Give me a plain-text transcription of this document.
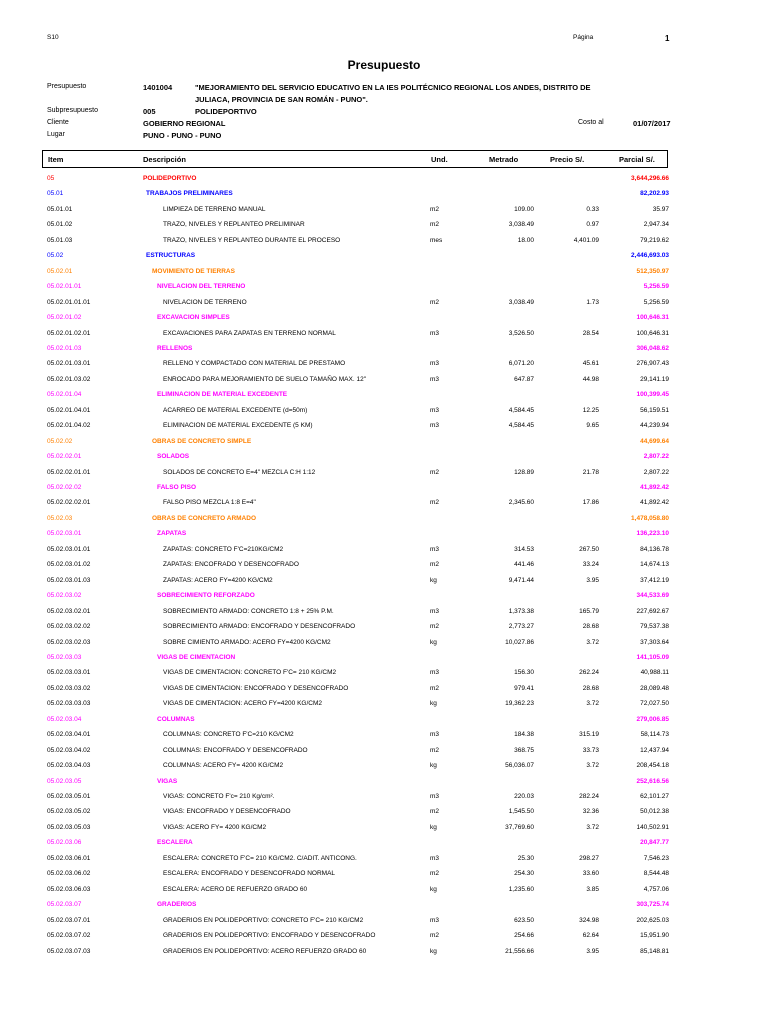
S10	Página	1
Presupuesto
Presupuesto	1401004	"MEJORAMIENTO DEL SERVICIO EDUCATIVO EN LA IES POLITÉCNICO REGIONAL LOS ANDES, DISTRITO DE
JULIACA, PROVINCIA DE SAN ROMÁN - PUNO".
Subpresupuesto	005	POLIDEPORTIVO
Cliente	GOBIERNO REGIONAL	Costo al	01/07/2017
Lugar	PUNO - PUNO - PUNO
Item	Descripción	Und.	Metrado	Precio S/.	Parcial S/.
05	POLIDEPORTIVO	3,644,296.66
05.01	TRABAJOS PRELIMINARES	82,202.93
05.01.01	LIMPIEZA DE TERRENO MANUAL	m2	109.00	0.33	35.97
05.01.02	TRAZO, NIVELES Y REPLANTEO PRELIMINAR	m2	3,038.49	0.97	2,947.34
05.01.03	TRAZO, NIVELES Y REPLANTEO DURANTE EL PROCESO	mes	18.00	4,401.09	79,219.62
05.02	ESTRUCTURAS	2,446,693.03
05.02.01	MOVIMIENTO DE TIERRAS	512,350.97
05.02.01.01	NIVELACION DEL TERRENO	5,256.59
05.02.01.01.01	NIVELACION DE TERRENO	m2	3,038.49	1.73	5,256.59
05.02.01.02	EXCAVACION SIMPLES	100,646.31
05.02.01.02.01	EXCAVACIONES PARA ZAPATAS EN TERRENO NORMAL	m3	3,526.50	28.54	100,646.31
05.02.01.03	RELLENOS	306,048.62
05.02.01.03.01	RELLENO Y COMPACTADO CON MATERIAL DE PRESTAMO	m3	6,071.20	45.61	276,907.43
05.02.01.03.02	ENROCADO PARA MEJORAMIENTO DE SUELO TAMAÑO MAX. 12"	m3	647.87	44.98	29,141.19
05.02.01.04	ELIMINACION DE MATERIAL EXCEDENTE	100,399.45
05.02.01.04.01	ACARREO DE MATERIAL EXCEDENTE (d=50m)	m3	4,584.45	12.25	56,159.51
05.02.01.04.02	ELIMINACION DE MATERIAL EXCEDENTE (5 KM)	m3	4,584.45	9.65	44,239.94
05.02.02	OBRAS DE CONCRETO SIMPLE	44,699.64
05.02.02.01	SOLADOS	2,807.22
05.02.02.01.01	SOLADOS DE CONCRETO E=4" MEZCLA C:H 1:12	m2	128.89	21.78	2,807.22
05.02.02.02	FALSO PISO	41,892.42
05.02.02.02.01	FALSO PISO MEZCLA 1:8 E=4"	m2	2,345.60	17.86	41,892.42
05.02.03	OBRAS DE CONCRETO ARMADO	1,478,058.80
05.02.03.01	ZAPATAS	136,223.10
05.02.03.01.01	ZAPATAS: CONCRETO F'C=210KG/CM2	m3	314.53	267.50	84,136.78
05.02.03.01.02	ZAPATAS: ENCOFRADO Y DESENCOFRADO	m2	441.46	33.24	14,674.13
05.02.03.01.03	ZAPATAS: ACERO FY=4200 KG/CM2	kg	9,471.44	3.95	37,412.19
05.02.03.02	SOBRECIMIENTO REFORZADO	344,533.69
05.02.03.02.01	SOBRECIMIENTO ARMADO: CONCRETO 1:8 + 25% P.M.	m3	1,373.38	165.79	227,692.67
05.02.03.02.02	SOBRECIMIENTO ARMADO: ENCOFRADO Y DESENCOFRADO	m2	2,773.27	28.68	79,537.38
05.02.03.02.03	SOBRE CIMIENTO ARMADO: ACERO FY=4200 KG/CM2	kg	10,027.86	3.72	37,303.64
05.02.03.03	VIGAS DE CIMENTACION	141,105.09
05.02.03.03.01	VIGAS DE CIMENTACION: CONCRETO F'C= 210 KG/CM2	m3	156.30	262.24	40,988.11
05.02.03.03.02	VIGAS DE CIMENTACION: ENCOFRADO Y DESENCOFRADO	m2	979.41	28.68	28,089.48
05.02.03.03.03	VIGAS DE CIMENTACION: ACERO FY=4200 KG/CM2	kg	19,362.23	3.72	72,027.50
05.02.03.04	COLUMNAS	279,006.85
05.02.03.04.01	COLUMNAS: CONCRETO F'C=210 KG/CM2	m3	184.38	315.19	58,114.73
05.02.03.04.02	COLUMNAS: ENCOFRADO Y DESENCOFRADO	m2	368.75	33.73	12,437.94
05.02.03.04.03	COLUMNAS: ACERO FY= 4200 KG/CM2	kg	56,036.07	3.72	208,454.18
05.02.03.05	VIGAS	252,616.56
05.02.03.05.01	VIGAS: CONCRETO F'c= 210 Kg/cm².	m3	220.03	282.24	62,101.27
05.02.03.05.02	VIGAS: ENCOFRADO Y DESENCOFRADO	m2	1,545.50	32.36	50,012.38
05.02.03.05.03	VIGAS: ACERO FY= 4200 KG/CM2	kg	37,769.60	3.72	140,502.91
05.02.03.06	ESCALERA	20,847.77
05.02.03.06.01	ESCALERA: CONCRETO F'C= 210 KG/CM2. C/ADIT. ANTICONG.	m3	25.30	298.27	7,546.23
05.02.03.06.02	ESCALERA: ENCOFRADO Y DESENCOFRADO NORMAL	m2	254.30	33.60	8,544.48
05.02.03.06.03	ESCALERA: ACERO DE REFUERZO GRADO 60	kg	1,235.60	3.85	4,757.06
05.02.03.07	GRADERIOS	303,725.74
05.02.03.07.01	GRADERIOS EN POLIDEPORTIVO: CONCRETO F'C= 210 KG/CM2	m3	623.50	324.98	202,625.03
05.02.03.07.02	GRADERIOS EN POLIDEPORTIVO: ENCOFRADO Y DESENCOFRADO	m2	254.66	62.64	15,951.90
05.02.03.07.03	GRADERIOS EN POLIDEPORTIVO: ACERO REFUERZO GRADO 60	kg	21,556.66	3.95	85,148.81
